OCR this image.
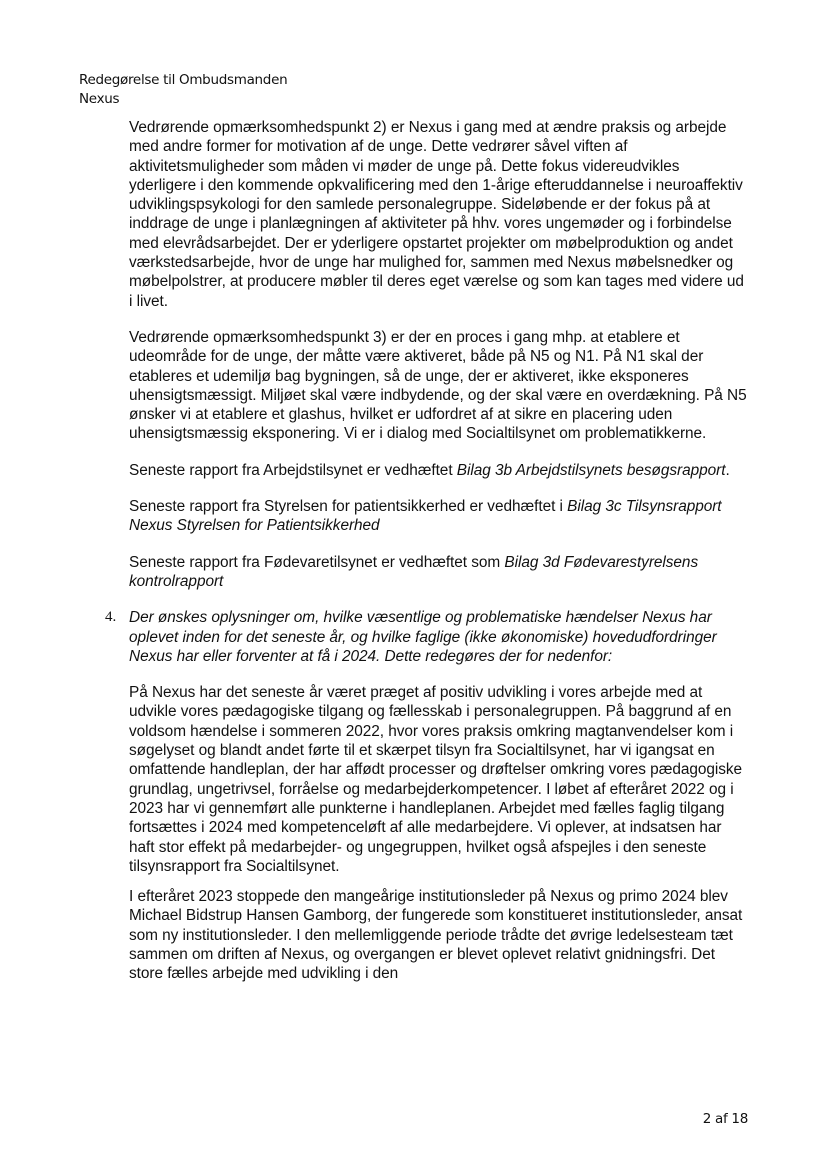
Redegørelse til Ombudsmanden
Nexus

Vedrørende opmærksomhedspunkt 2) er Nexus i gang med at ændre praksis og arbejde med andre former for motivation af de unge. Dette vedrører såvel viften af aktivitetsmuligheder som måden vi møder de unge på. Dette fokus videreudvikles yderligere i den kommende opkvalificering med den 1-årige efteruddannelse i neuroaffektiv udviklingspsykologi for den samlede personalegruppe. Sideløbende er der fokus på at inddrage de unge i planlægningen af aktiviteter på hhv. vores ungemøder og i forbindelse med elevrådsarbejdet. Der er yderligere opstartet projekter om møbelproduktion og andet værkstedsarbejde, hvor de unge har mulighed for, sammen med Nexus møbelsnedker og møbelpolstrer, at producere møbler til deres eget værelse og som kan tages med videre ud i livet.

Vedrørende opmærksomhedspunkt 3) er der en proces i gang mhp. at etablere et udeområde for de unge, der måtte være aktiveret, både på N5 og N1. På N1 skal der etableres et udemiljø bag bygningen, så de unge, der er aktiveret, ikke eksponeres uhensigtsmæssigt. Miljøet skal være indbydende, og der skal være en overdækning. På N5 ønsker vi at etablere et glashus, hvilket er udfordret af at sikre en placering uden uhensigtsmæssig eksponering. Vi er i dialog med Socialtilsynet om problematikkerne.

Seneste rapport fra Arbejdstilsynet er vedhæftet Bilag 3b Arbejdstilsynets besøgsrapport.

Seneste rapport fra Styrelsen for patientsikkerhed er vedhæftet i Bilag 3c Tilsynsrapport Nexus Styrelsen for Patientsikkerhed

Seneste rapport fra Fødevaretilsynet er vedhæftet som Bilag 3d Fødevarestyrelsens kontrolrapport

4. Der ønskes oplysninger om, hvilke væsentlige og problematiske hændelser Nexus har oplevet inden for det seneste år, og hvilke faglige (ikke økonomiske) hovedudfordringer Nexus har eller forventer at få i 2024. Dette redegøres der for nedenfor:

På Nexus har det seneste år været præget af positiv udvikling i vores arbejde med at udvikle vores pædagogiske tilgang og fællesskab i personalegruppen. På baggrund af en voldsom hændelse i sommeren 2022, hvor vores praksis omkring magtanvendelser kom i søgelyset og blandt andet førte til et skærpet tilsyn fra Socialtilsynet, har vi igangsat en omfattende handleplan, der har affødt processer og drøftelser omkring vores pædagogiske grundlag, ungetrivsel, forråelse og medarbejderkompetencer. I løbet af efteråret 2022 og i 2023 har vi gennemført alle punkterne i handleplanen. Arbejdet med fælles faglig tilgang fortsættes i 2024 med kompetenceløft af alle medarbejdere. Vi oplever, at indsatsen har haft stor effekt på medarbejder- og ungegruppen, hvilket også afspejles i den seneste tilsynsrapport fra Socialtilsynet.

I efteråret 2023 stoppede den mangeårige institutionsleder på Nexus og primo 2024 blev Michael Bidstrup Hansen Gamborg, der fungerede som konstitueret institutionsleder, ansat som ny institutionsleder. I den mellemliggende periode trådte det øvrige ledelsesteam tæt sammen om driften af Nexus, og overgangen er blevet oplevet relativt gnidningsfri. Det store fælles arbejde med udvikling i den

2 af 18
